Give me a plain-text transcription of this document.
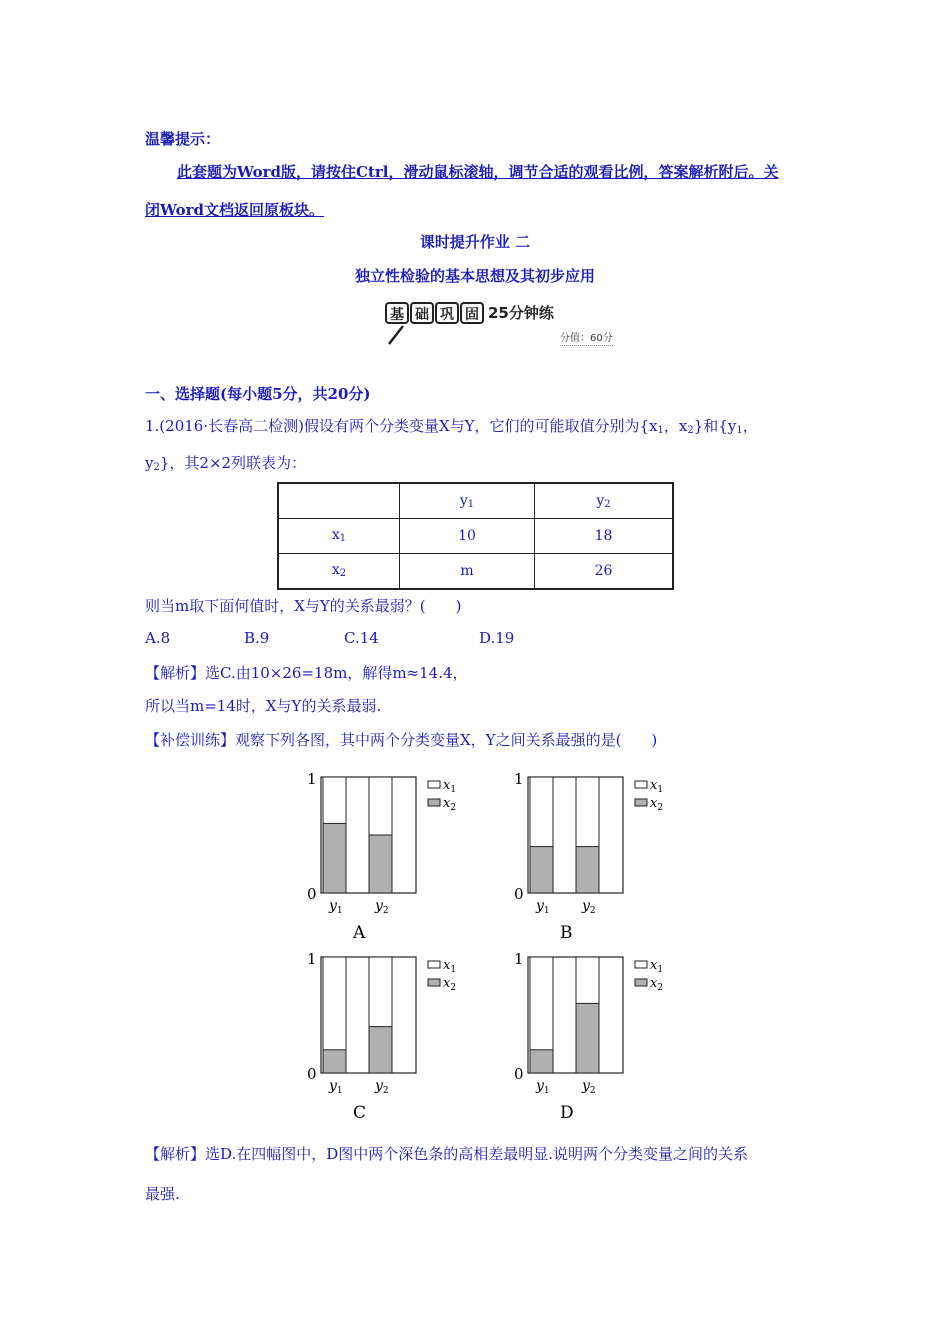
温馨提示：
此套题为Word版，请按住Ctrl，滑动鼠标滚轴，调节合适的观看比例，答案解析附后。关
闭Word文档返回原板块。
课时提升作业 二
独立性检验的基本思想及其初步应用
基 础 巩 固 25分钟练
分值：60分
一、选择题(每小题5分，共20分)
1.(2016·长春高二检测)假设有两个分类变量X与Y，它们的可能取值分别为{$x_1$，$x_2$}和{$y_1$，
$y_2$}，其2×2列联表为：
	$y_1$	$y_2$
$x_1$	10	18
$x_2$	m	26
则当m取下面何值时，X与Y的关系最弱？(　　)
A.8	B.9	C.14	D.19
【解析】选C.由10×26=18m，解得m≈14.4，
所以当m=14时，X与Y的关系最弱.
【补偿训练】观察下列各图，其中两个分类变量X，Y之间关系最强的是(　　)
1
0
$y_1$ $y_2$
$x_1$
$x_2$
A
1
0
$y_1$ $y_2$
$x_1$
$x_2$
B
1
0
$y_1$ $y_2$
$x_1$
$x_2$
C
1
0
$y_1$ $y_2$
$x_1$
$x_2$
D
【解析】选D.在四幅图中，D图中两个深色条的高相差最明显.说明两个分类变量之间的关系
最强.
